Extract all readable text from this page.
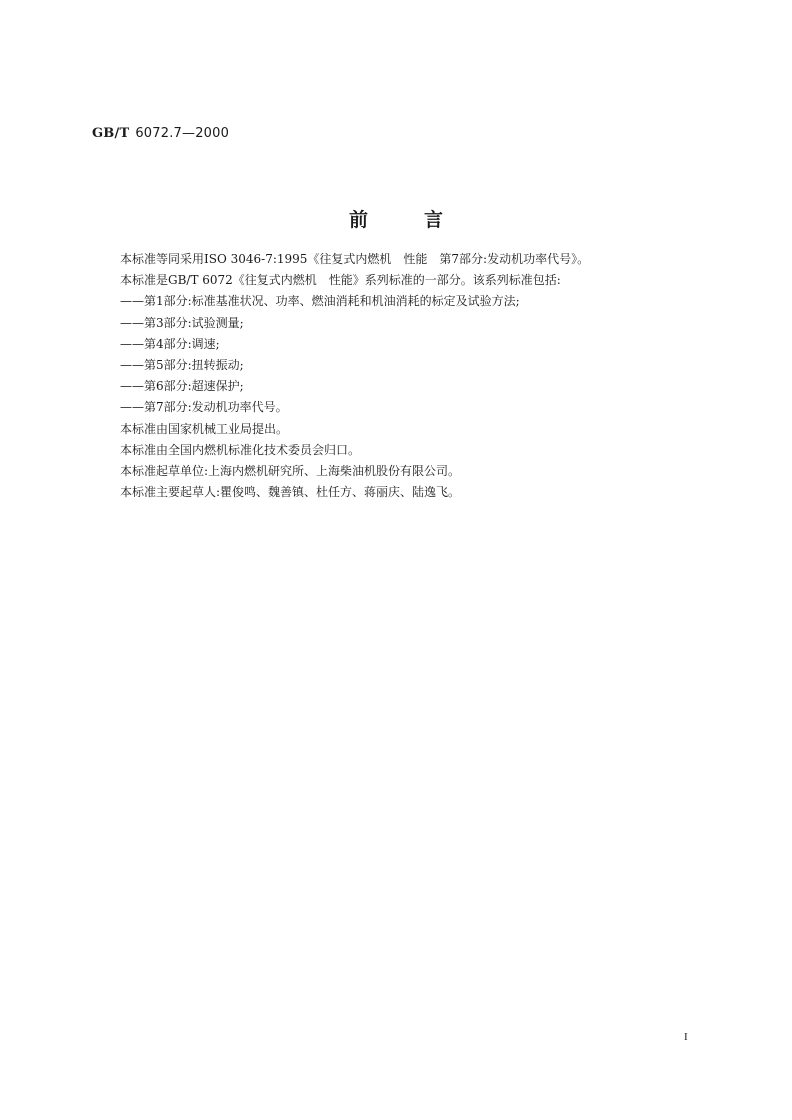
GB/T 6072.7—2000
前言
本标准等同采用ISO 3046-7:1995《往复式内燃机　性能　第7部分:发动机功率代号》。
本标准是GB/T 6072《往复式内燃机　性能》系列标准的一部分。该系列标准包括:
——第1部分:标准基准状况、功率、燃油消耗和机油消耗的标定及试验方法;
——第3部分:试验测量;
——第4部分:调速;
——第5部分:扭转振动;
——第6部分:超速保护;
——第7部分:发动机功率代号。
本标准由国家机械工业局提出。
本标准由全国内燃机标准化技术委员会归口。
本标准起草单位:上海内燃机研究所、上海柴油机股份有限公司。
本标准主要起草人:瞿俊鸣、魏善镇、杜任方、蒋丽庆、陆逸飞。
I
